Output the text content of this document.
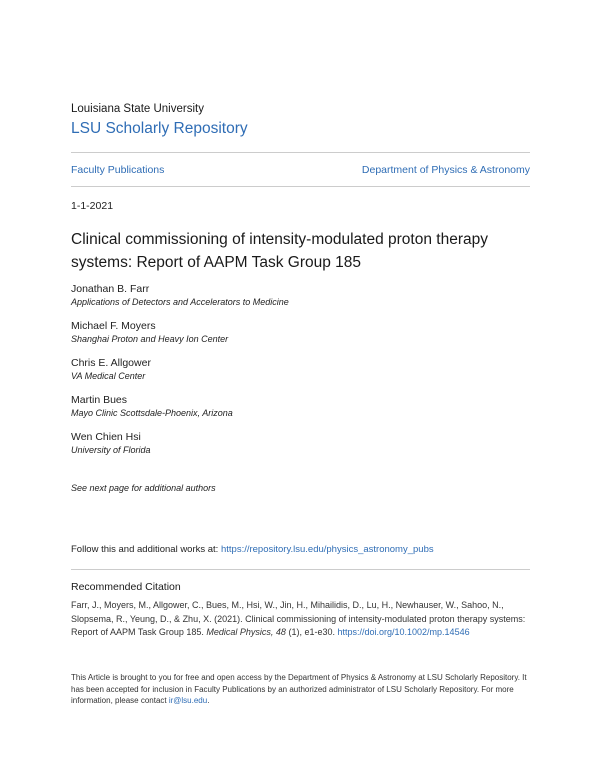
Louisiana State University
LSU Scholarly Repository
Faculty Publications	Department of Physics & Astronomy
1-1-2021
Clinical commissioning of intensity-modulated proton therapy systems: Report of AAPM Task Group 185
Jonathan B. Farr
Applications of Detectors and Accelerators to Medicine
Michael F. Moyers
Shanghai Proton and Heavy Ion Center
Chris E. Allgower
VA Medical Center
Martin Bues
Mayo Clinic Scottsdale-Phoenix, Arizona
Wen Chien Hsi
University of Florida
See next page for additional authors
Follow this and additional works at: https://repository.lsu.edu/physics_astronomy_pubs
Recommended Citation
Farr, J., Moyers, M., Allgower, C., Bues, M., Hsi, W., Jin, H., Mihailidis, D., Lu, H., Newhauser, W., Sahoo, N., Slopsema, R., Yeung, D., & Zhu, X. (2021). Clinical commissioning of intensity-modulated proton therapy systems: Report of AAPM Task Group 185. Medical Physics, 48 (1), e1-e30. https://doi.org/10.1002/mp.14546
This Article is brought to you for free and open access by the Department of Physics & Astronomy at LSU Scholarly Repository. It has been accepted for inclusion in Faculty Publications by an authorized administrator of LSU Scholarly Repository. For more information, please contact ir@lsu.edu.
